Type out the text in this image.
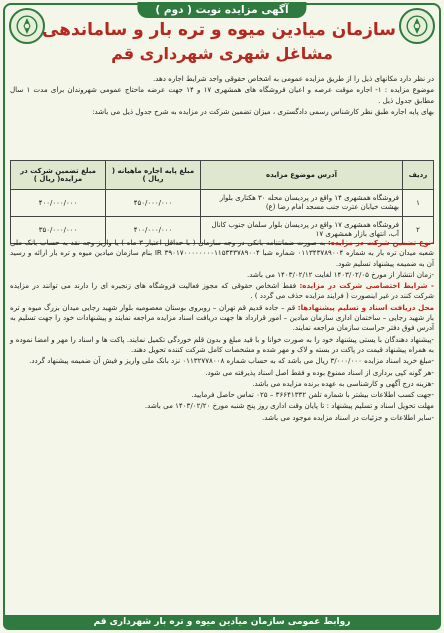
آگهی مزایده نوبت ( دوم )
سازمان میادین میوه و تره بار و ساماندهی
مشاغل شهری شهرداری قم

در نظر دارد مکانهای ذیل را از طریق مزایده عمومی به اشخاص حقوقی واجد شرایط اجاره دهد.

موضوع مزایده : ۱- اجاره موقت عرصه و اعیان فروشگاه های همشهری ۱۷ و ۱۴ جهت عرضه ماحتاج عمومی شهروندان برای مدت ۱ سال مطابق جدول ذیل .

بهای پایه اجاره طبق نظر کارشناس رسمی دادگستری ، میزان تضمین شرکت در مزایده به شرح جدول ذیل می باشد:

ردیف	آدرس موضوع مزایده	مبلغ پایه اجاره ماهیانه ( ریال )	مبلغ تضمین شرکت در مزایده( ریال )
۱	فروشگاه همشهری ۱۴ واقع در پردیسان محله ۳۰ هکتاری بلوار بهشت خیابان عترت جنب مسجد امام رضا (ع)	۴۵۰/۰۰۰/۰۰۰	۴۰۰/۰۰۰/۰۰۰
۲	فروشگاه همشهری ۱۷ واقع در پردیسان بلوار سلمان جنوب کانال آب، انتهای بازار همشهری ۱۷	۴۰۰/۰۰۰/۰۰۰	۳۵۰/۰۰۰/۰۰۰

-نوع تضمین شرکت در مزایده: به صورت ضمانتنامه بانکی در وجه سازمان ( با حداقل اعتبار ۳ ماه ) یا واریز وجه نقد به حساب بانک ملی شعبه میدان تره بار به شماره ۰۱۱۳۴۳۷۸۹۰۰۴ شماره شبا IR ۳۹۰۱۷۰۰۰۰۰۰۰۰۱۱۵۳۴۳۷۸۹۰۰۴ بنام سازمان میادین میوه و تره بار ارائه و رسید آن به ضمیمه پیشنهاد تسلیم شود.

-زمان انتشار از مورخ ۱۴۰۳/۰۲/۰۵ لغایت ۱۴۰۳/۰۲/۱۲ می باشد.

- شرایط اختصاصی شرکت در مزایده: فقط اشخاص حقوقی که مجوز فعالیت فروشگاه های زنجیره ای را دارند می توانند در مزایده شرکت کنند در غیر اینصورت ( فرایند مزایده حذف می گردد ) .

محل دریافت اسناد و تسلیم پیشنهادها: قم – جاده قدیم قم تهران – روبروی بوستان معصومیه بلوار شهید رجایی میدان بزرگ میوه و تره بار شهید رجایی – ساختمان اداری سازمان میادین – امور قرارداد ها جهت دریافت اسناد مزایده مراجعه نمایند و پیشنهادات خود را جهت تسلیم به آدرس فوق دفتر حراست سازمان مراجعه نمایند.

-پیشنهاد دهندگان با یستی پیشنهاد خود را به صورت خوانا و با قید مبلغ و بدون قلم خوردگی تکمیل نمایند. پاکت ها و اسناد را مهر و امضا نموده و به همراه پیشنهاد قیمت در پاکت در بسته و لاک و مهر شده و مشخصات کامل شرکت کننده تحویل دهند.

-مبلغ خرید اسناد مزایده ۳/۰۰۰/۰۰۰ ریال می باشد که به حساب شماره ۰۱۱۳۲۷۷۸۰۰۸ نزد بانک ملی واریز و فیش آن ضمیمه پیشنهاد گردد.

-هر گونه کپی برداری از اسناد ممنوع بوده و فقط اصل اسناد پذیرفته می شود.

-هزینه درج آگهی و کارشناسی به عهده برنده مزایده می باشد.

-جهت کسب اطلاعات بیشتر با شماره تلفن ۳۶۶۴۱۳۳۲ – ۰۲۵ تماس حاصل فرمایید.

مهلت تحویل اسناد و تسلیم پیشنهاد : تا پایان وقت اداری روز پنج شنبه مورخ ۱۴۰۳/۰۲/۲۰ می باشد.

-سایر اطلاعات و جزئیات در اسناد مزایده موجود می باشد.

روابط عمومی سازمان میادین میوه و تره بار شهرداری قم
